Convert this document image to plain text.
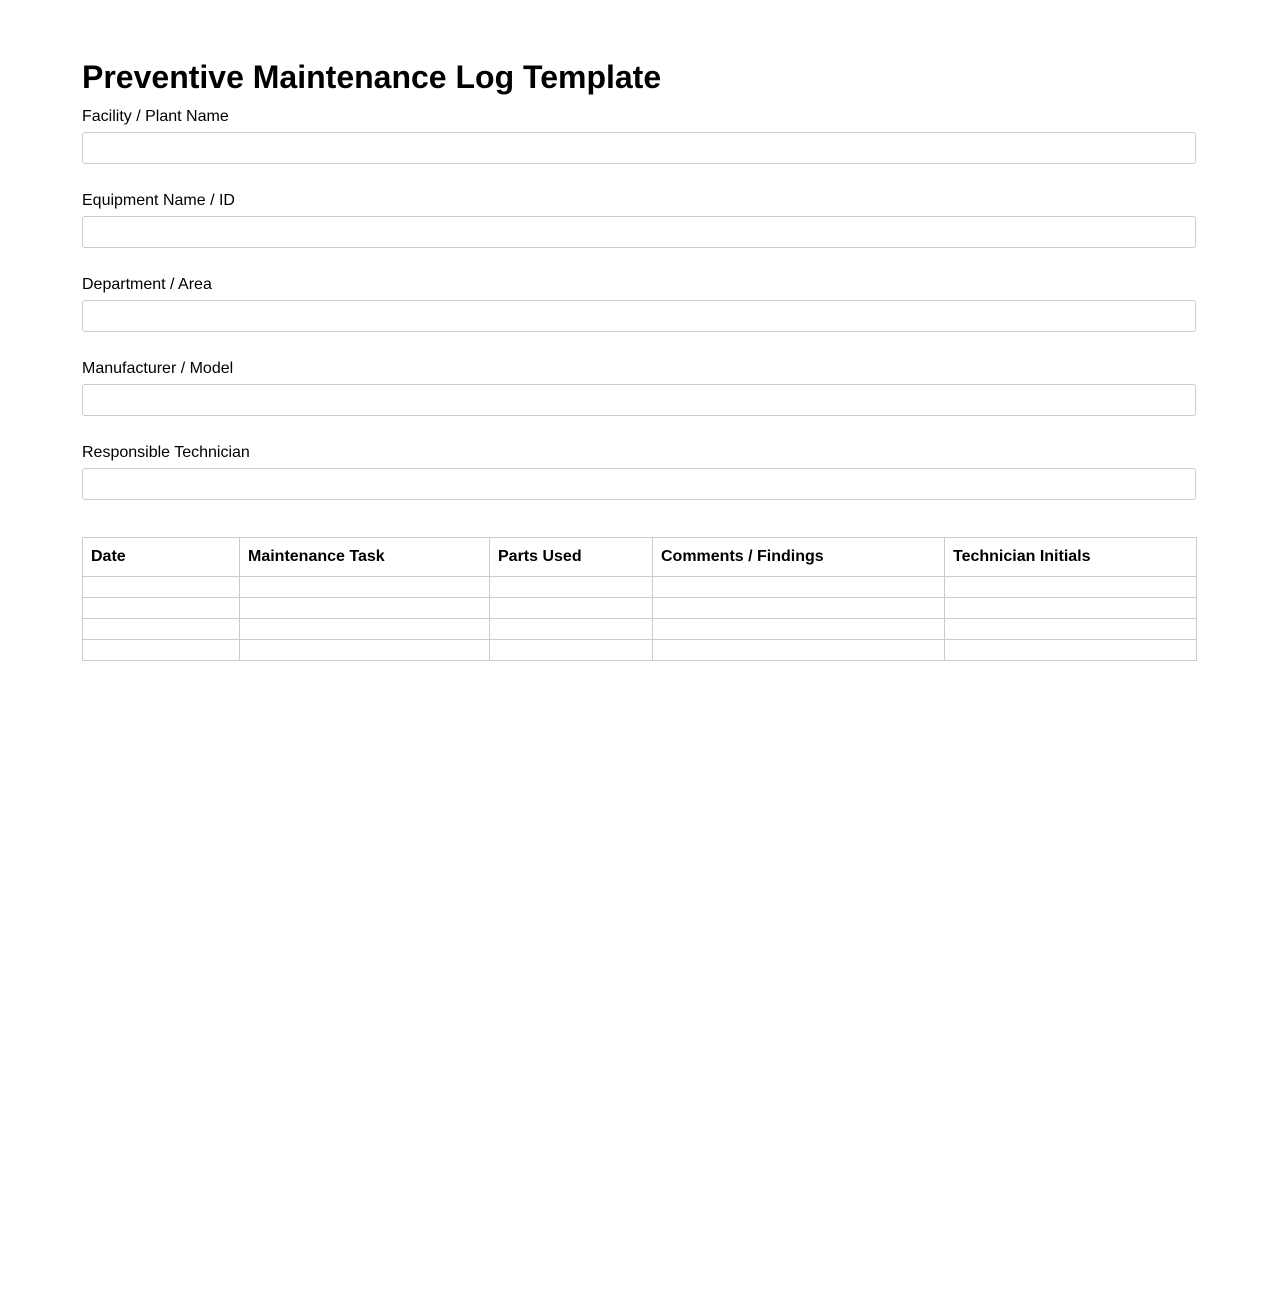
Preventive Maintenance Log Template
Facility / Plant Name
Equipment Name / ID
Department / Area
Manufacturer / Model
Responsible Technician
Date	Maintenance Task	Parts Used	Comments / Findings	Technician Initials
